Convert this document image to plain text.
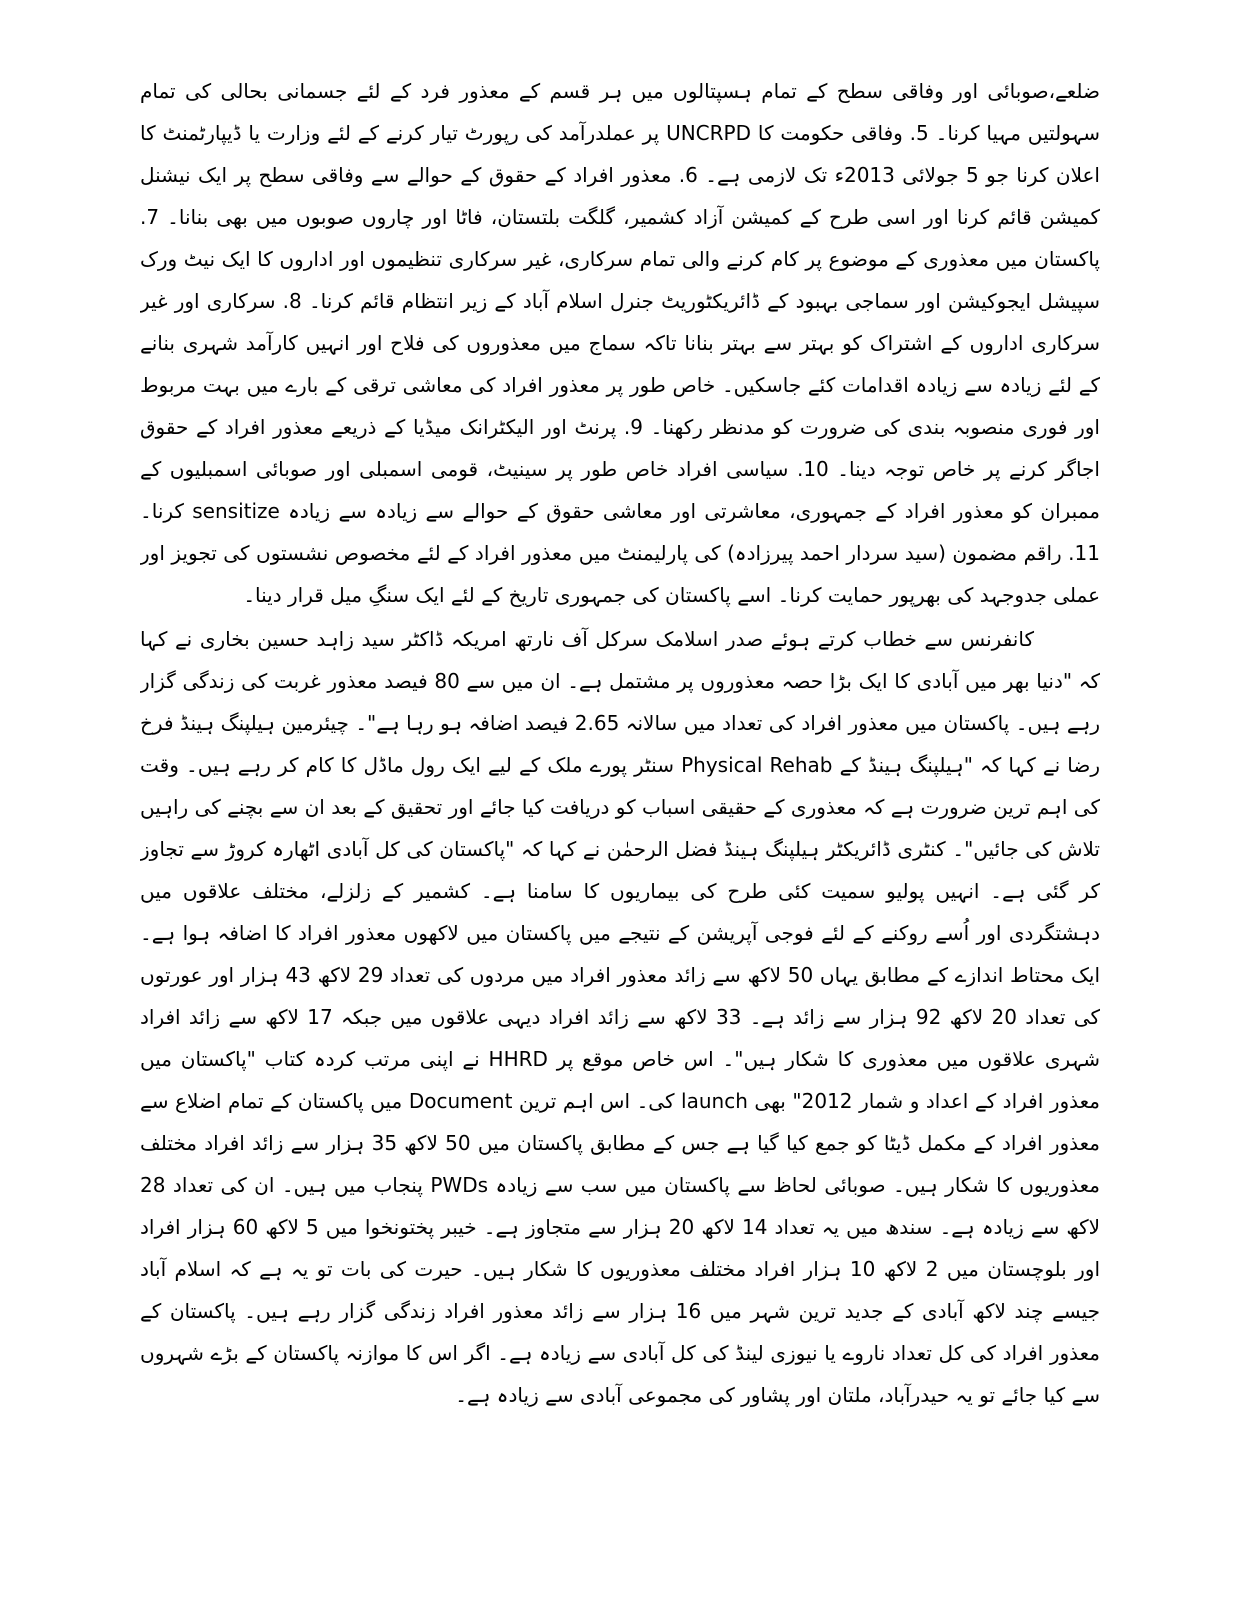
ضلعے،صوبائی اور وفاقی سطح کے تمام ہسپتالوں میں ہر قسم کے معذور فرد کے لئے جسمانی بحالی کی تمام سہولتیں مہیا کرنا۔ 5. وفاقی حکومت کا UNCRPD پر عملدرآمد کی رپورٹ تیار کرنے کے لئے وزارت یا ڈیپارٹمنٹ کا اعلان کرنا جو 5 جولائی 2013ء تک لازمی ہے۔ 6. معذور افراد کے حقوق کے حوالے سے وفاقی سطح پر ایک نیشنل کمیشن قائم کرنا اور اسی طرح کے کمیشن آزاد کشمیر، گلگت بلتستان، فاٹا اور چاروں صوبوں میں بھی بنانا۔ 7. پاکستان میں معذوری کے موضوع پر کام کرنے والی تمام سرکاری، غیر سرکاری تنظیموں اور اداروں کا ایک نیٹ ورک سپیشل ایجوکیشن اور سماجی بہبود کے ڈائریکٹوریٹ جنرل اسلام آباد کے زیر انتظام قائم کرنا۔ 8. سرکاری اور غیر سرکاری اداروں کے اشتراک کو بہتر سے بہتر بنانا تاکہ سماج میں معذوروں کی فلاح اور انہیں کارآمد شہری بنانے کے لئے زیادہ سے زیادہ اقدامات کئے جاسکیں۔ خاص طور پر معذور افراد کی معاشی ترقی کے بارے میں بہت مربوط اور فوری منصوبہ بندی کی ضرورت کو مدنظر رکھنا۔ 9. پرنٹ اور الیکٹرانک میڈیا کے ذریعے معذور افراد کے حقوق اجاگر کرنے پر خاص توجہ دینا۔ 10. سیاسی افراد خاص طور پر سینیٹ، قومی اسمبلی اور صوبائی اسمبلیوں کے ممبران کو معذور افراد کے جمہوری، معاشرتی اور معاشی حقوق کے حوالے سے زیادہ سے زیادہ sensitize کرنا۔ 11. راقم مضمون (سید سردار احمد پیرزادہ) کی پارلیمنٹ میں معذور افراد کے لئے مخصوص نشستوں کی تجویز اور عملی جدوجہد کی بھرپور حمایت کرنا۔ اسے پاکستان کی جمہوری تاریخ کے لئے ایک سنگِ میل قرار دینا۔

کانفرنس سے خطاب کرتے ہوئے صدر اسلامک سرکل آف نارتھ امریکہ ڈاکٹر سید زاہد حسین بخاری نے کہا کہ "دنیا بھر میں آبادی کا ایک بڑا حصہ معذوروں پر مشتمل ہے۔ ان میں سے 80 فیصد معذور غربت کی زندگی گزار رہے ہیں۔ پاکستان میں معذور افراد کی تعداد میں سالانہ 2.65 فیصد اضافہ ہو رہا ہے"۔ چیئرمین ہیلپنگ ہینڈ فرخ رضا نے کہا کہ "ہیلپنگ ہینڈ کے Physical Rehab سنٹر پورے ملک کے لیے ایک رول ماڈل کا کام کر رہے ہیں۔ وقت کی اہم ترین ضرورت ہے کہ معذوری کے حقیقی اسباب کو دریافت کیا جائے اور تحقیق کے بعد ان سے بچنے کی راہیں تلاش کی جائیں"۔ کنٹری ڈائریکٹر ہیلپنگ ہینڈ فضل الرحمٰن نے کہا کہ "پاکستان کی کل آبادی اٹھارہ کروڑ سے تجاوز کر گئی ہے۔ انہیں پولیو سمیت کئی طرح کی بیماریوں کا سامنا ہے۔ کشمیر کے زلزلے، مختلف علاقوں میں دہشتگردی اور اُسے روکنے کے لئے فوجی آپریشن کے نتیجے میں پاکستان میں لاکھوں معذور افراد کا اضافہ ہوا ہے۔ ایک محتاط اندازے کے مطابق یہاں 50 لاکھ سے زائد معذور افراد میں مردوں کی تعداد 29 لاکھ 43 ہزار اور عورتوں کی تعداد 20 لاکھ 92 ہزار سے زائد ہے۔ 33 لاکھ سے زائد افراد دیہی علاقوں میں جبکہ 17 لاکھ سے زائد افراد شہری علاقوں میں معذوری کا شکار ہیں"۔ اس خاص موقع پر HHRD نے اپنی مرتب کردہ کتاب "پاکستان میں معذور افراد کے اعداد و شمار 2012" بھی launch کی۔ اس اہم ترین Document میں پاکستان کے تمام اضلاع سے معذور افراد کے مکمل ڈیٹا کو جمع کیا گیا ہے جس کے مطابق پاکستان میں 50 لاکھ 35 ہزار سے زائد افراد مختلف معذوریوں کا شکار ہیں۔ صوبائی لحاظ سے پاکستان میں سب سے زیادہ PWDs پنجاب میں ہیں۔ ان کی تعداد 28 لاکھ سے زیادہ ہے۔ سندھ میں یہ تعداد 14 لاکھ 20 ہزار سے متجاوز ہے۔ خیبر پختونخوا میں 5 لاکھ 60 ہزار افراد اور بلوچستان میں 2 لاکھ 10 ہزار افراد مختلف معذوریوں کا شکار ہیں۔ حیرت کی بات تو یہ ہے کہ اسلام آباد جیسے چند لاکھ آبادی کے جدید ترین شہر میں 16 ہزار سے زائد معذور افراد زندگی گزار رہے ہیں۔ پاکستان کے معذور افراد کی کل تعداد ناروے یا نیوزی لینڈ کی کل آبادی سے زیادہ ہے۔ اگر اس کا موازنہ پاکستان کے بڑے شہروں سے کیا جائے تو یہ حیدرآباد، ملتان اور پشاور کی مجموعی آبادی سے زیادہ ہے۔
